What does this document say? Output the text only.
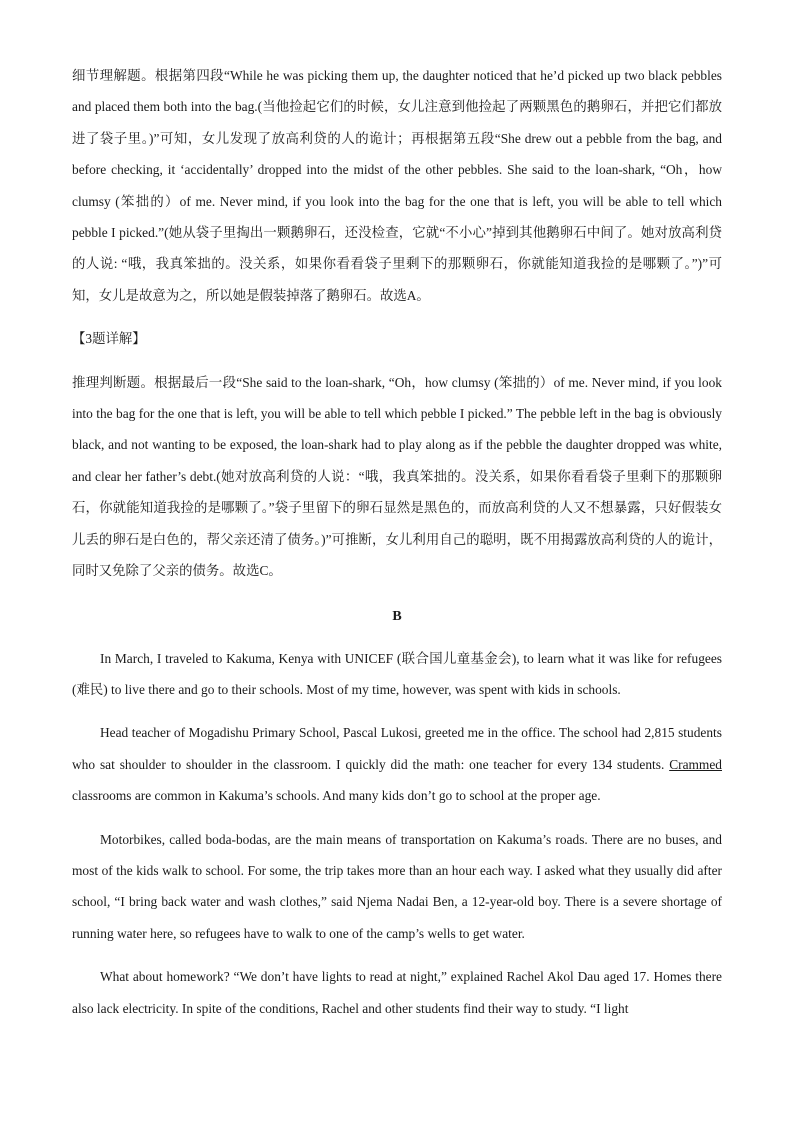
细节理解题。根据第四段“While he was picking them up, the daughter noticed that he’d picked up two black pebbles and placed them both into the bag.(当他捡起它们的时候，女儿注意到他捡起了两颗黑色的鹅卵石，并把它们都放进了袋子里。)”可知，女儿发现了放高利贷的人的诡计；再根据第五段“She drew out a pebble from the bag, and before checking, it ‘accidentally’ dropped into the midst of the other pebbles. She said to the loan-shark, “Oh，how clumsy (笨拙的）of me. Never mind, if you look into the bag for the one that is left, you will be able to tell which pebble I picked.”(她从袋子里掏出一颗鹅卵石，还没检查，它就“不小心”掉到其他鹅卵石中间了。她对放高利贷的人说: “哦，我真笨拙的。没关系，如果你看看袋子里剩下的那颗卵石，你就能知道我捡的是哪颗了。”)”可知，女儿是故意为之，所以她是假装掉落了鹅卵石。故选A。

【3题详解】

推理判断题。根据最后一段“She said to the loan-shark, “Oh，how clumsy (笨拙的）of me. Never mind, if you look into the bag for the one that is left, you will be able to tell which pebble I picked.” The pebble left in the bag is obviously black, and not wanting to be exposed, the loan-shark had to play along as if the pebble the daughter dropped was white, and clear her father’s debt.(她对放高利贷的人说：“哦，我真笨拙的。没关系，如果你看看袋子里剩下的那颗卵石，你就能知道我捡的是哪颗了。”袋子里留下的卵石显然是黑色的，而放高利贷的人又不想暴露，只好假装女儿丢的卵石是白色的，帮父亲还清了债务。)”可推断，女儿利用自己的聪明，既不用揭露放高利贷的人的诡计，同时又免除了父亲的债务。故选C。

B

In March, I traveled to Kakuma, Kenya with UNICEF (联合国儿童基金会), to learn what it was like for refugees (难民) to live there and go to their schools. Most of my time, however, was spent with kids in schools.

Head teacher of Mogadishu Primary School, Pascal Lukosi, greeted me in the office. The school had 2,815 students who sat shoulder to shoulder in the classroom. I quickly did the math: one teacher for every 134 students. Crammed classrooms are common in Kakuma’s schools. And many kids don’t go to school at the proper age.

Motorbikes, called boda-bodas, are the main means of transportation on Kakuma’s roads. There are no buses, and most of the kids walk to school. For some, the trip takes more than an hour each way. I asked what they usually did after school, “I bring back water and wash clothes,” said Njema Nadai Ben, a 12-year-old boy. There is a severe shortage of running water here, so refugees have to walk to one of the camp’s wells to get water.

What about homework? “We don’t have lights to read at night,” explained Rachel Akol Dau aged 17. Homes there also lack electricity. In spite of the conditions, Rachel and other students find their way to study. “I light
